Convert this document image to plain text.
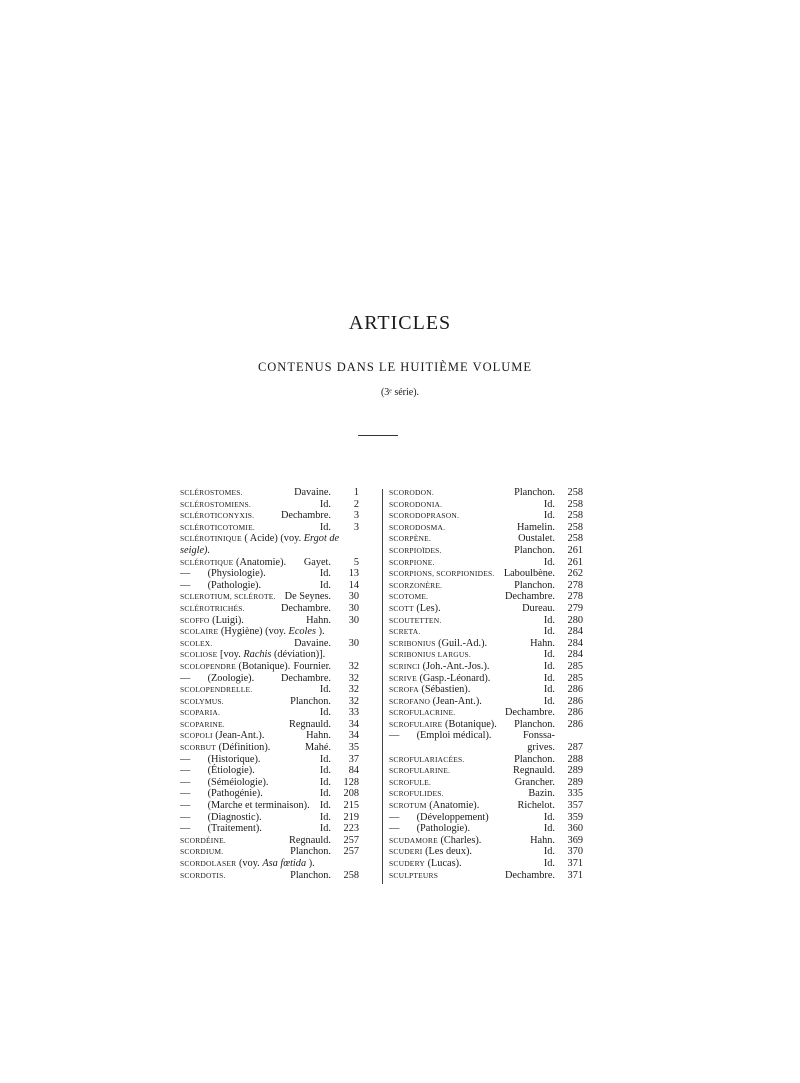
ARTICLES
CONTENUS DANS LE HUITIÈME VOLUME
(3ᵉ série).
SCLÉROSTOMES.	Davaine. 1
SCLÉROSTOMIENS.	Id. 2
SCLÉROTICONYXIS.	Dechambre. 3
SCLÉROTICOTOMIE.	Id. 3
SCLÉROTINIQUE ( Acide) (voy. Ergot de
seigle).
SCLÉROTIQUE (Anatomie). Gayet. 5
— (Physiologie).	Id. 13
— (Pathologie).	Id. 14
SCLEROTIUM, SCLÉROTE. De Seynes. 30
SCLÉROTRICHÉS.	Dechambre. 30
SCOFFO (Luigi).	Hahn. 30
SCOLAIRE (Hygiène) (voy. Ecoles ).
SCOLEX.	Davaine. 30
SCOLIOSE [voy. Rachis (déviation)].
SCOLOPENDRE (Botanique). Fournier. 32
— (Zoologie).	Dechambre. 32
SCOLOPENDRELLE.	Id. 32
SCOLYMUS.	Planchon. 32
SCOPARIA.	Id. 33
SCOPARINE.	Regnauld. 34
SCOPOLI (Jean-Ant.).	Hahn. 34
SCORBUT (Définition).	Mahé. 35
— (Historique).	Id. 37
— (Étiologie).	Id. 84
— (Séméiologie).	Id. 128
— (Pathogénie).	Id. 208
— (Marche et terminaison). Id. 215
— (Diagnostic).	Id. 219
— (Traitement).	Id. 223
SCORDÉINE.	Regnauld. 257
SCORDIUM.	Planchon. 257
SCORDOLASER (voy. Asa fœtida ).
SCORDOTIS.	Planchon. 258
SCORODON.	Planchon. 258
SCORODONIA.	Id. 258
SCORODOPRASON.	Id. 258
SCORODOSMA.	Hamelin. 258
SCORPÈNE.	Oustalet. 258
SCORPIOÏDES.	Planchon. 261
SCORPIONE.	Id. 261
SCORPIONS, SCORPIONIDES. Laboulbène. 262
SCORZONÈRE.	Planchon. 278
SCOTOME.	Dechambre. 278
SCOTT (Les).	Dureau. 279
SCOUTETTEN.	Id. 280
SCRETA.	Id. 284
SCRIBONIUS (Guil.-Ad.).	Hahn. 284
SCRIBONIUS LARGUS.	Id. 284
SCRINCI (Joh.-Ant.-Jos.).	Id. 285
SCRIVE (Gasp.-Léonard).	Id. 285
SCROFA (Sébastien).	Id. 286
SCROFANO (Jean-Ant.).	Id. 286
SCROFULACRINE.	Dechambre. 286
SCROFULAIRE (Botanique). Planchon. 286
— (Emploi médical).	Fonssa-
grives. 287
SCROFULARIACÉES.	Planchon. 288
SCROFULARINE.	Regnauld. 289
SCROFULE.	Grancher. 289
SCROFULIDES.	Bazin. 335
SCROTUM (Anatomie).	Richelot. 357
— (Développement)	Id. 359
— (Pathologie).	Id. 360
SCUDAMORE (Charles).	Hahn. 369
SCUDERI (Les deux).	Id. 370
SCUDERY (Lucas).	Id. 371
SCULPTEURS	Dechambre. 371
